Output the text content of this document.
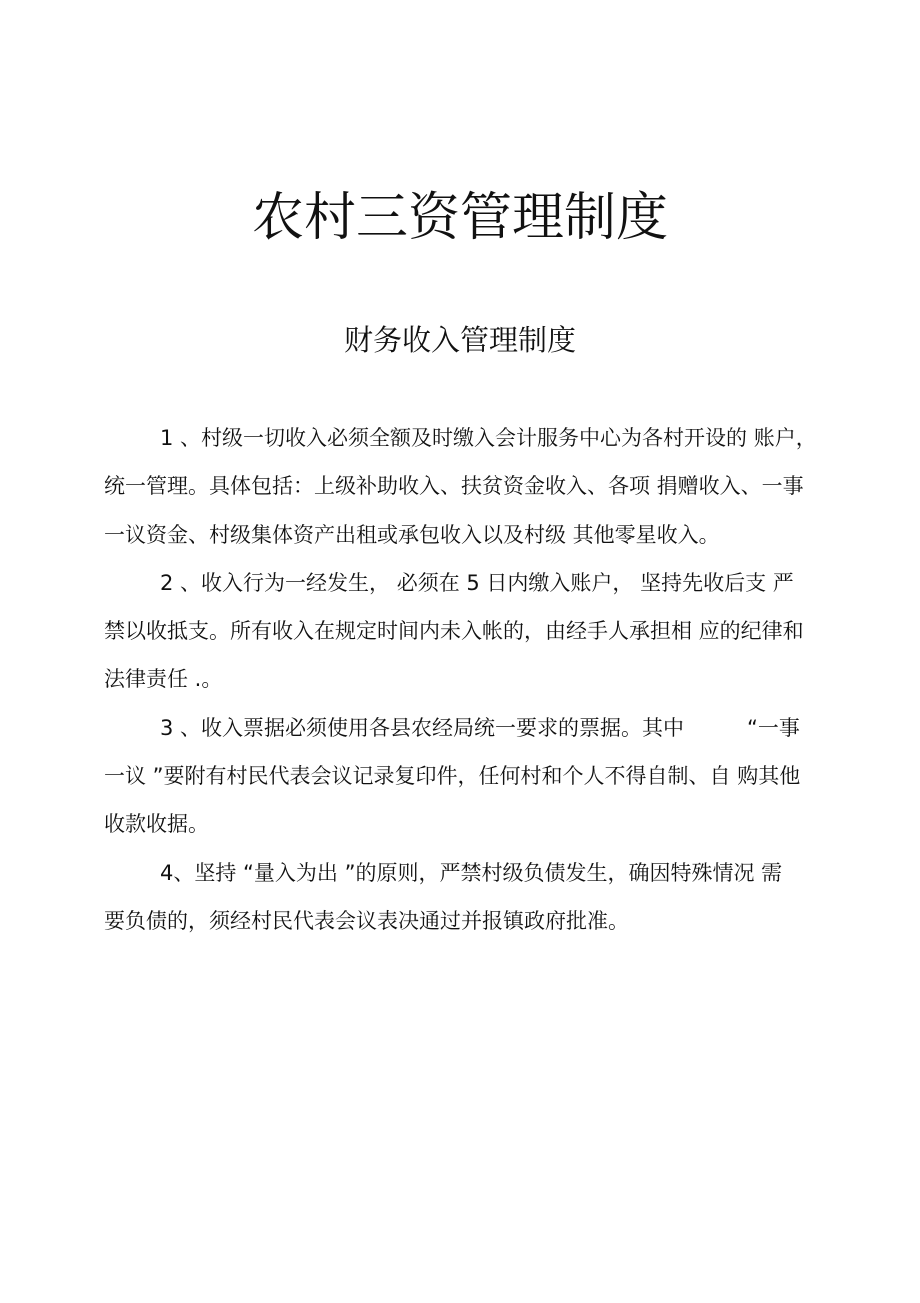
农村三资管理制度
财务收入管理制度

1 、村级一切收入必须全额及时缴入会计服务中心为各村开设的 账户，
统一管理。具体包括：上级补助收入、扶贫资金收入、各项 捐赠收入、一事
一议资金、村级集体资产出租或承包收入以及村级 其他零星收入。

2 、收入行为一经发生， 必须在 5 日内缴入账户， 坚持先收后支 严
禁以收抵支。所有收入在规定时间内未入帐的，由经手人承担相 应的纪律和
法律责任 .。

3 、收入票据必须使用各县农经局统一要求的票据。其中　　　“一事
一议 ”要附有村民代表会议记录复印件，任何村和个人不得自制、自 购其他
收款收据。

4、坚持 “量入为出 ”的原则，严禁村级负债发生，确因特殊情况 需
要负债的，须经村民代表会议表决通过并报镇政府批准。
